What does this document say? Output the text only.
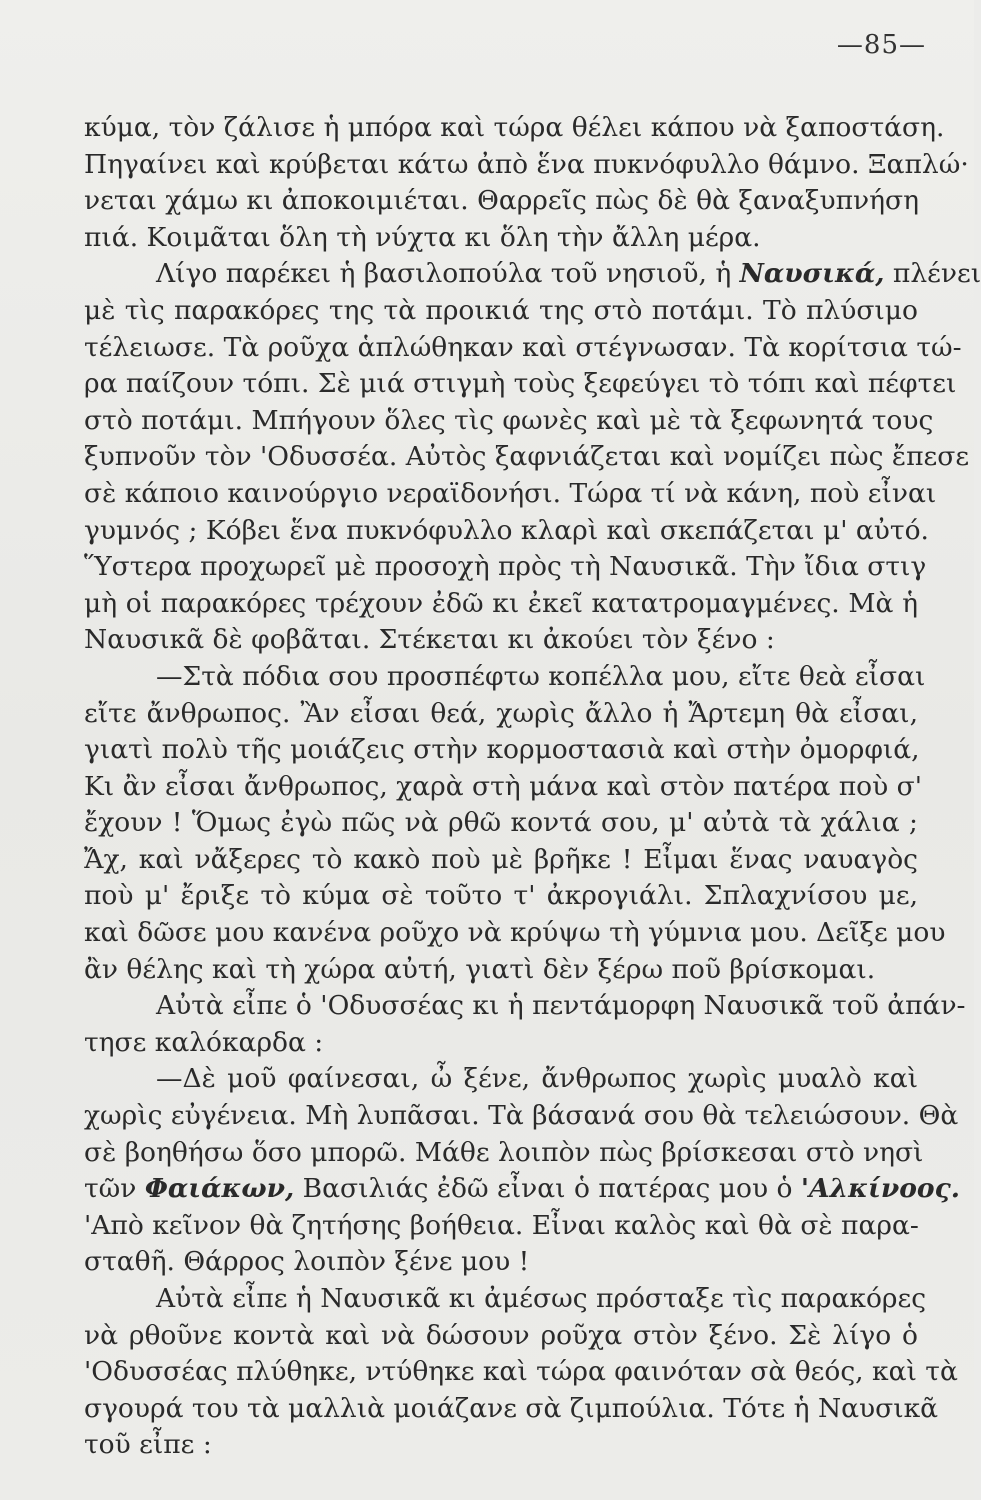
—85—
κύμα, τὸν ζάλισε ἡ μπόρα καὶ τώρα θέλει κάπου νὰ ξαποστάση.
Πηγαίνει καὶ κρύβεται κάτω ἀπὸ ἕνα πυκνόφυλλο θάμνο. Ξαπλώ·
νεται χάμω κι ἀποκοιμιέται. Θαρρεῖς πὼς δὲ θὰ ξαναξυπνήση
πιά. Κοιμᾶται ὅλη τὴ νύχτα κι ὅλη τὴν ἄλλη μέρα.
Λίγο παρέκει ἡ βασιλοπούλα τοῦ νησιοῦ, ἡ Ναυσικά, πλένει
μὲ τὶς παρακόρες της τὰ προικιά της στὸ ποτάμι. Τὸ πλύσιμο
τέλειωσε. Τὰ ροῦχα ἁπλώθηκαν καὶ στέγνωσαν. Τὰ κορίτσια τώ-
ρα παίζουν τόπι. Σὲ μιά στιγμὴ τοὺς ξεφεύγει τὸ τόπι καὶ πέφτει
στὸ ποτάμι. Μπήγουν ὅλες τὶς φωνὲς καὶ μὲ τὰ ξεφωνητά τους
ξυπνοῦν τὸν 'Οδυσσέα. Αὐτὸς ξαφνιάζεται καὶ νομίζει πὼς ἔπεσε
σὲ κάποιο καινούργιο νεραϊδονήσι. Τώρα τί νὰ κάνη, ποὺ εἶναι
γυμνός ; Κόβει ἕνα πυκνόφυλλο κλαρὶ καὶ σκεπάζεται μ' αὐτό.
Ὕστερα προχωρεῖ μὲ προσοχὴ πρὸς τὴ Ναυσικᾶ. Τὴν ἴδια στιγ
μὴ οἱ παρακόρες τρέχουν ἐδῶ κι ἐκεῖ κατατρομαγμένες. Μὰ ἡ
Ναυσικᾶ δὲ φοβᾶται. Στέκεται κι ἀκούει τὸν ξένο :
—Στὰ πόδια σου προσπέφτω κοπέλλα μου, εἴτε θεὰ εἶσαι
εἴτε ἄνθρωπος. Ἂν εἶσαι θεά, χωρὶς ἄλλο ἡ Ἄρτεμη θὰ εἶσαι,
γιατὶ πολὺ τῆς μοιάζεις στὴν κορμοστασιὰ καὶ στὴν ὀμορφιά,
Κι ἂν εἶσαι ἄνθρωπος, χαρὰ στὴ μάνα καὶ στὸν πατέρα ποὺ σ'
ἔχουν ! Ὅμως ἐγὼ πῶς νὰ ρθῶ κοντά σου, μ' αὐτὰ τὰ χάλια ;
Ἄχ, καὶ νἄξερες τὸ κακὸ ποὺ μὲ βρῆκε ! Εἶμαι ἕνας ναυαγὸς
ποὺ μ' ἔριξε τὸ κύμα σὲ τοῦτο τ' ἀκρογιάλι. Σπλαχνίσου με,
καὶ δῶσε μου κανένα ροῦχο νὰ κρύψω τὴ γύμνια μου. Δεῖξε μου
ἂν θέλης καὶ τὴ χώρα αὐτή, γιατὶ δὲν ξέρω ποῦ βρίσκομαι.
Αὐτὰ εἶπε ὁ 'Οδυσσέας κι ἡ πεντάμορφη Ναυσικᾶ τοῦ ἀπάν-
τησε καλόκαρδα :
—Δὲ μοῦ φαίνεσαι, ὦ ξένε, ἄνθρωπος χωρὶς μυαλὸ καὶ
χωρὶς εὐγένεια. Μὴ λυπᾶσαι. Τὰ βάσανά σου θὰ τελειώσουν. Θὰ
σὲ βοηθήσω ὅσο μπορῶ. Μάθε λοιπὸν πὼς βρίσκεσαι στὸ νησὶ
τῶν Φαιάκων, Βασιλιάς ἐδῶ εἶναι ὁ πατέρας μου ὁ 'Αλκίνοος.
'Απὸ κεῖνον θὰ ζητήσης βοήθεια. Εἶναι καλὸς καὶ θὰ σὲ παρα-
σταθῆ. Θάρρος λοιπὸν ξένε μου !
Αὐτὰ εἶπε ἡ Ναυσικᾶ κι ἀμέσως πρόσταξε τὶς παρακόρες
νὰ ρθοῦνε κοντὰ καὶ νὰ δώσουν ροῦχα στὸν ξένο. Σὲ λίγο ὁ
'Οδυσσέας πλύθηκε, ντύθηκε καὶ τώρα φαινόταν σὰ θεός, καὶ τὰ
σγουρά του τὰ μαλλιὰ μοιάζανε σὰ ζιμπούλια. Τότε ἡ Ναυσικᾶ
τοῦ εἶπε :
